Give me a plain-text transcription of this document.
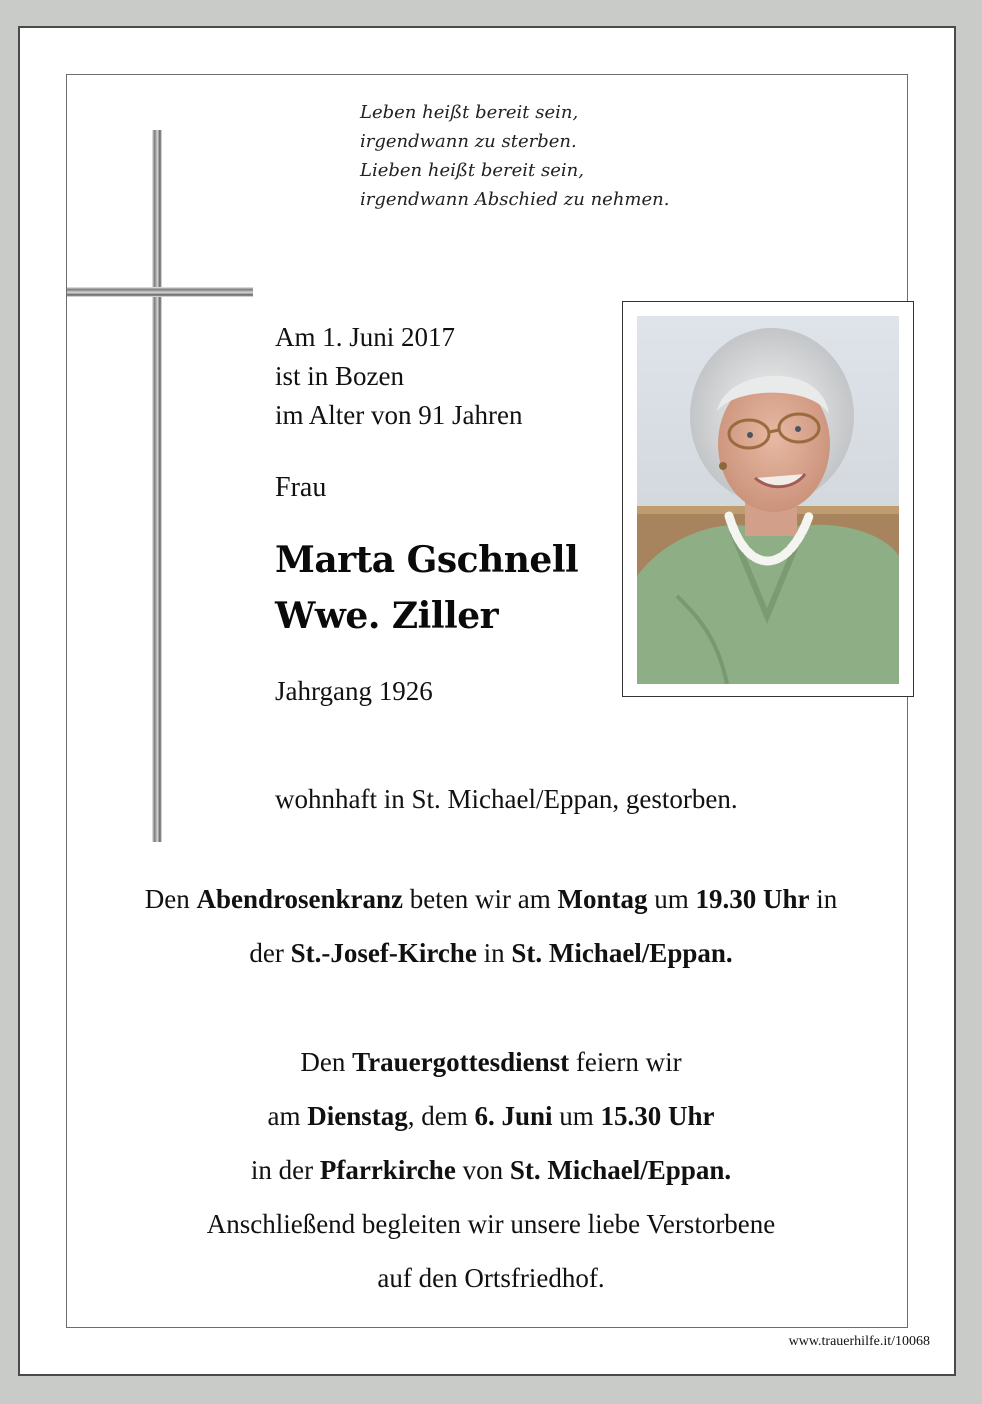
Leben heißt bereit sein,
irgendwann zu sterben.
Lieben heißt bereit sein,
irgendwann Abschied zu nehmen.
Am 1. Juni 2017
ist in Bozen
im Alter von 91 Jahren
Frau
Marta Gschnell
Wwe. Ziller
Jahrgang 1926
wohnhaft in St. Michael/Eppan, gestorben.
Den Abendrosenkranz beten wir am Montag um 19.30 Uhr in
der St.-Josef-Kirche in St. Michael/Eppan.
Den Trauergottesdienst feiern wir
am Dienstag, dem 6. Juni um 15.30 Uhr
in der Pfarrkirche von St. Michael/Eppan.
Anschließend begleiten wir unsere liebe Verstorbene
auf den Ortsfriedhof.
www.trauerhilfe.it/10068
